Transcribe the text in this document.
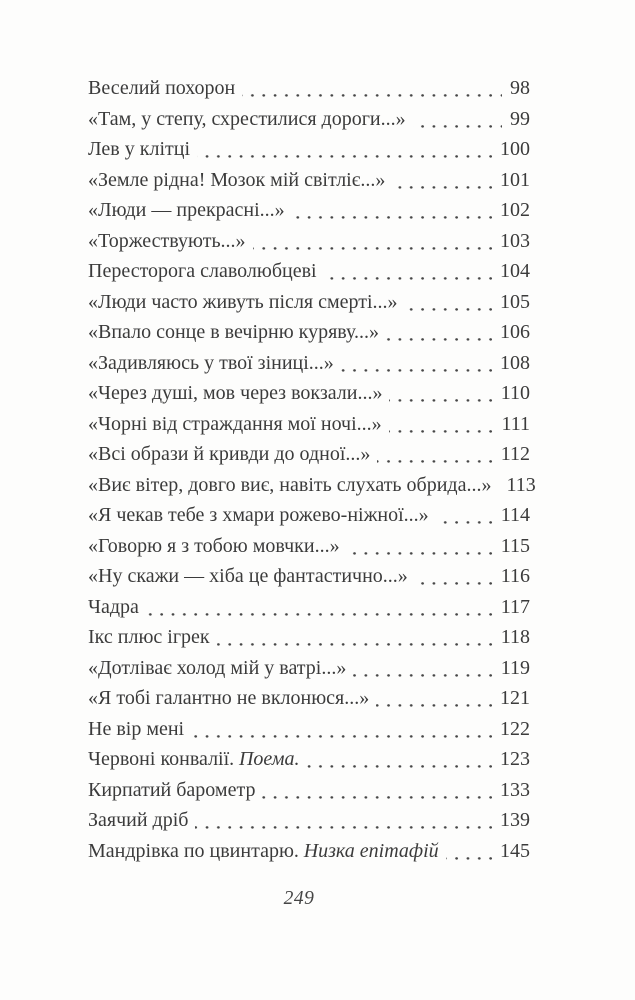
Веселий похорон	98
«Там, у степу, схрестилися дороги...»	99
Лев у клітці	100
«Земле рідна! Мозок мій світліє...»	101
«Люди — прекрасні...»	102
«Торжествують...»	103
Пересторога славолюбцеві	104
«Люди часто живуть після смерті...»	105
«Впало сонце в вечірню куряву...»	106
«Задивляюсь у твої зіниці...»	108
«Через душі, мов через вокзали...»	110
«Чорні від страждання мої ночі...»	111
«Всі образи й кривди до одної...»	112
«Виє вітер, довго виє, навіть слухать обрида...» 113
«Я чекав тебе з хмари рожево-ніжної...»	114
«Говорю я з тобою мовчки...»	115
«Ну скажи — хіба це фантастично...»	116
Чадра	117
Ікс плюс ігрек	118
«Дотліває холод мій у ватрі...»	119
«Я тобі галантно не вклонюся...»	121
Не вір мені	122
Червоні конвалії. Поема.	123
Кирпатий барометр	133
Заячий дріб	139
Мандрівка по цвинтарю. Низка епітафій	145
249
